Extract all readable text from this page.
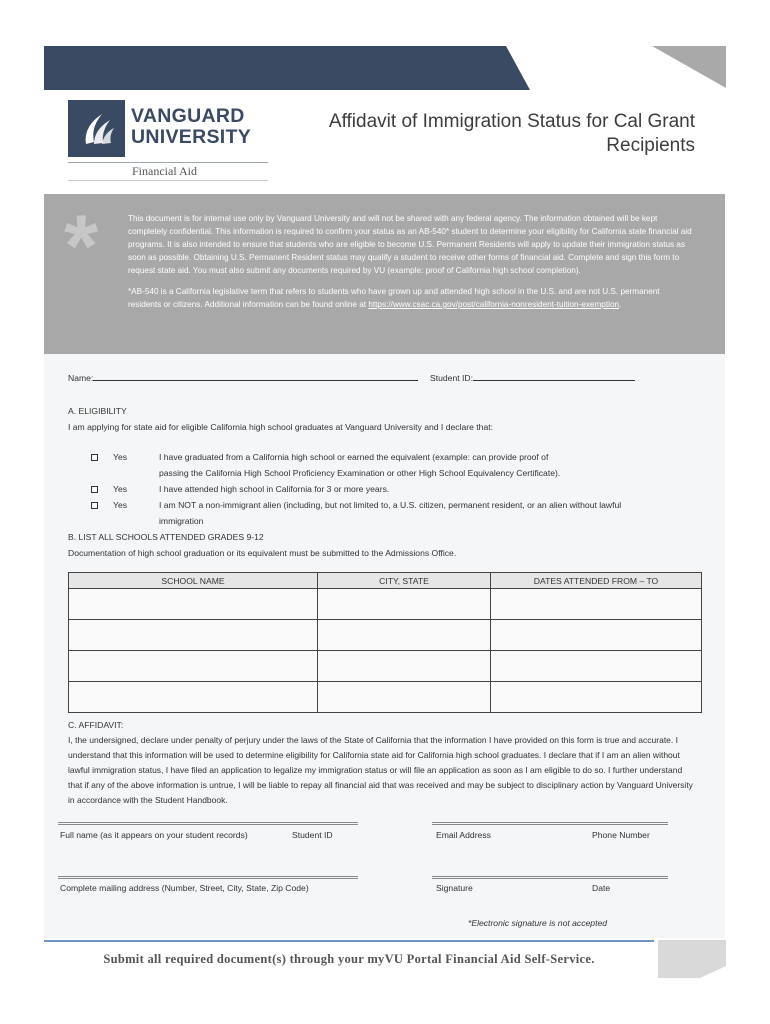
VANGUARD
UNIVERSITY
Financial Aid
Affidavit of Immigration Status for Cal Grant Recipients
*	This document is for internal use only by Vanguard University and will not be shared with any federal agency. The information obtained will be kept completely confidential. This information is required to confirm your status as an AB-540* student to determine your eligibility for California state financial aid programs. It is also intended to ensure that students who are eligible to become U.S. Permanent Residents will apply to update their immigration status as soon as possible. Obtaining U.S. Permanent Resident status may qualify a student to receive other forms of financial aid. Complete and sign this form to request state aid. You must also submit any documents required by VU (example: proof of California high school completion).

*AB-540 is a California legislative term that refers to students who have grown up and attended high school in the U.S. and are not U.S. permanent residents or citizens. Additional information can be found online at https://www.csac.ca.gov/post/california-nonresident-tuition-exemption.

Name:	Student ID:
A. ELIGIBILITY
I am applying for state aid for eligible California high school graduates at Vanguard University and I declare that:
Yes	I have graduated from a California high school or earned the equivalent (example: can provide proof of
passing the California High School Proficiency Examination or other High School Equivalency Certificate).
Yes	I have attended high school in California for 3 or more years.
Yes	I am NOT a non-immigrant alien (including, but not limited to, a U.S. citizen, permanent resident, or an alien without lawful
immigration
B. LIST ALL SCHOOLS ATTENDED GRADES 9-12
Documentation of high school graduation or its equivalent must be submitted to the Admissions Office.
SCHOOL NAME	CITY, STATE	DATES ATTENDED FROM – TO

C. AFFIDAVIT:
I, the undersigned, declare under penalty of perjury under the laws of the State of California that the information I have provided on this form is true and accurate. I understand that this information will be used to determine eligibility for California state aid for California high school graduates. I declare that if I am an alien without lawful immigration status, I have filed an application to legalize my immigration status or will file an application as soon as I am eligible to do so. I further understand that if any of the above information is untrue, I will be liable to repay all financial aid that was received and may be subject to disciplinary action by Vanguard University in accordance with the Student Handbook.
Full name (as it appears on your student records)	Student ID	Email Address	Phone Number
Complete mailing address (Number, Street, City, State, Zip Code)	Signature	Date
*Electronic signature is not accepted
Submit all required document(s) through your myVU Portal Financial Aid Self-Service.
